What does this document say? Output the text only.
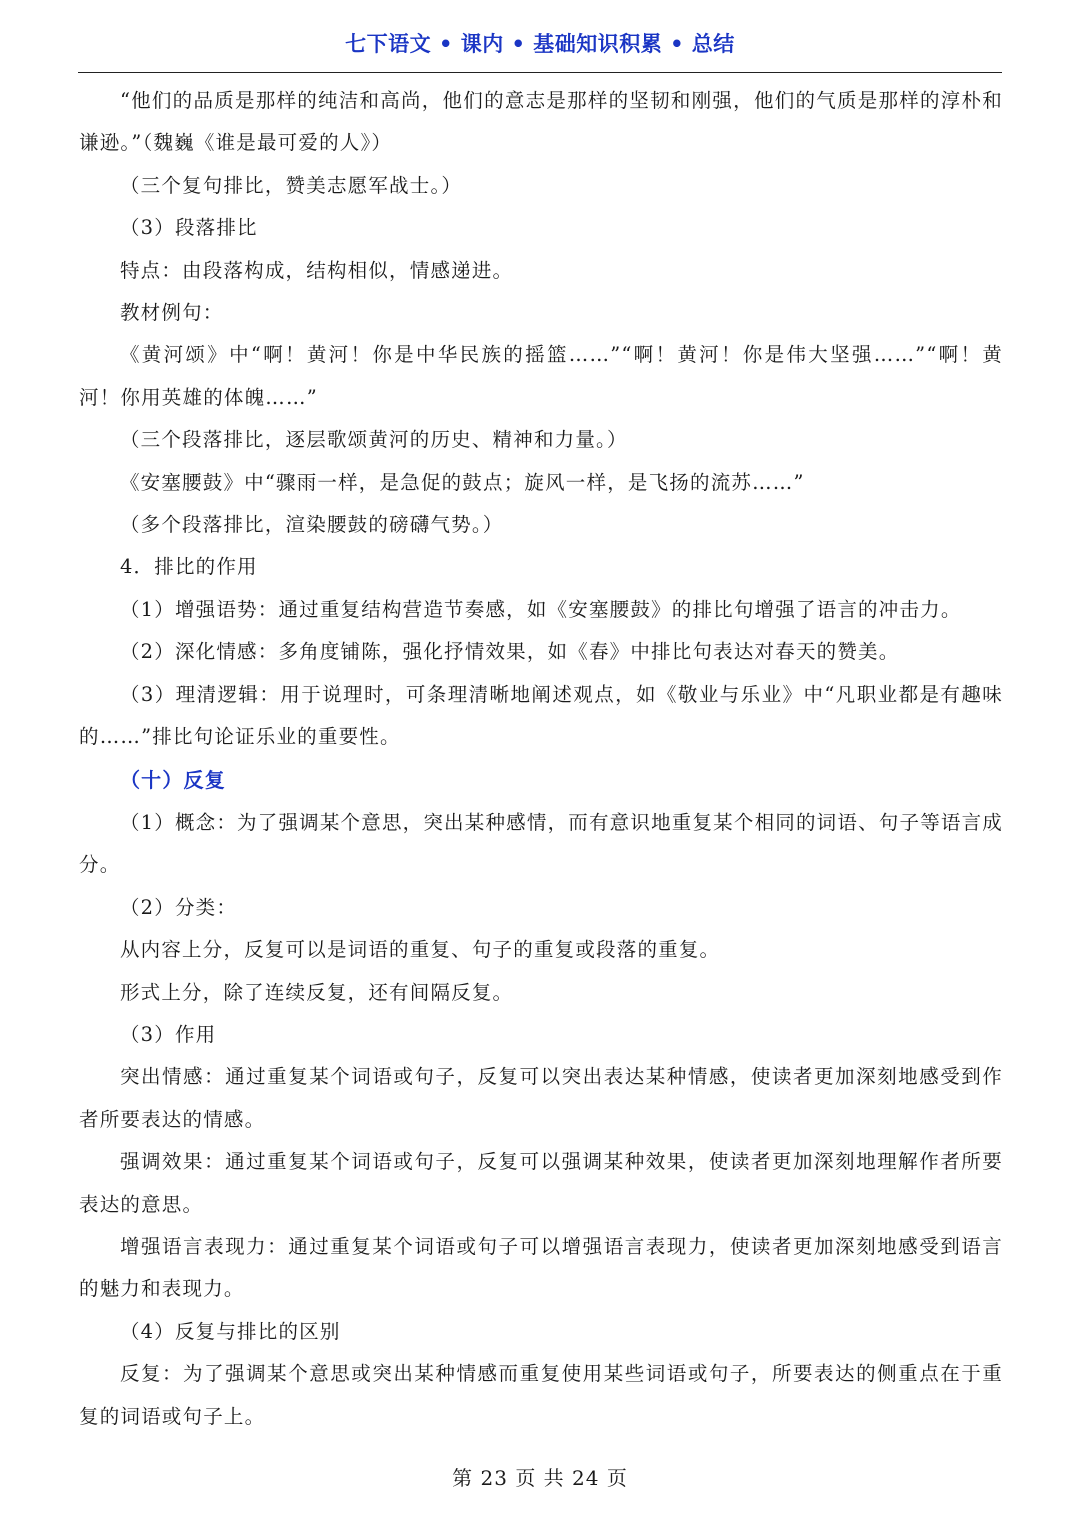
七下语文 • 课内 • 基础知识积累 • 总结

“他们的品质是那样的纯洁和高尚，他们的意志是那样的坚韧和刚强，他们的气质是那样的淳朴和谦逊。”（魏巍《谁是最可爱的人》）

（三个复句排比，赞美志愿军战士。）

（3）段落排比

特点：由段落构成，结构相似，情感递进。

教材例句：

《黄河颂》中“啊！黄河！你是中华民族的摇篮……”“啊！黄河！你是伟大坚强……”“啊！黄河！你用英雄的体魄……”

（三个段落排比，逐层歌颂黄河的历史、精神和力量。）

《安塞腰鼓》中“骤雨一样，是急促的鼓点；旋风一样，是飞扬的流苏……”

（多个段落排比，渲染腰鼓的磅礴气势。）

4．排比的作用

（1）增强语势：通过重复结构营造节奏感，如《安塞腰鼓》的排比句增强了语言的冲击力。

（2）深化情感：多角度铺陈，强化抒情效果，如《春》中排比句表达对春天的赞美。

（3）理清逻辑：用于说理时，可条理清晰地阐述观点，如《敬业与乐业》中“凡职业都是有趣味的……”排比句论证乐业的重要性。

（十）反复

（1）概念：为了强调某个意思，突出某种感情，而有意识地重复某个相同的词语、句子等语言成分。

（2）分类：

从内容上分，反复可以是词语的重复、句子的重复或段落的重复。

形式上分，除了连续反复，还有间隔反复。

（3）作用

突出情感：通过重复某个词语或句子，反复可以突出表达某种情感，使读者更加深刻地感受到作者所要表达的情感。

强调效果：通过重复某个词语或句子，反复可以强调某种效果，使读者更加深刻地理解作者所要表达的意思。

增强语言表现力：通过重复某个词语或句子可以增强语言表现力，使读者更加深刻地感受到语言的魅力和表现力。

（4）反复与排比的区别

反复：为了强调某个意思或突出某种情感而重复使用某些词语或句子，所要表达的侧重点在于重复的词语或句子上。

第 23 页 共 24 页
